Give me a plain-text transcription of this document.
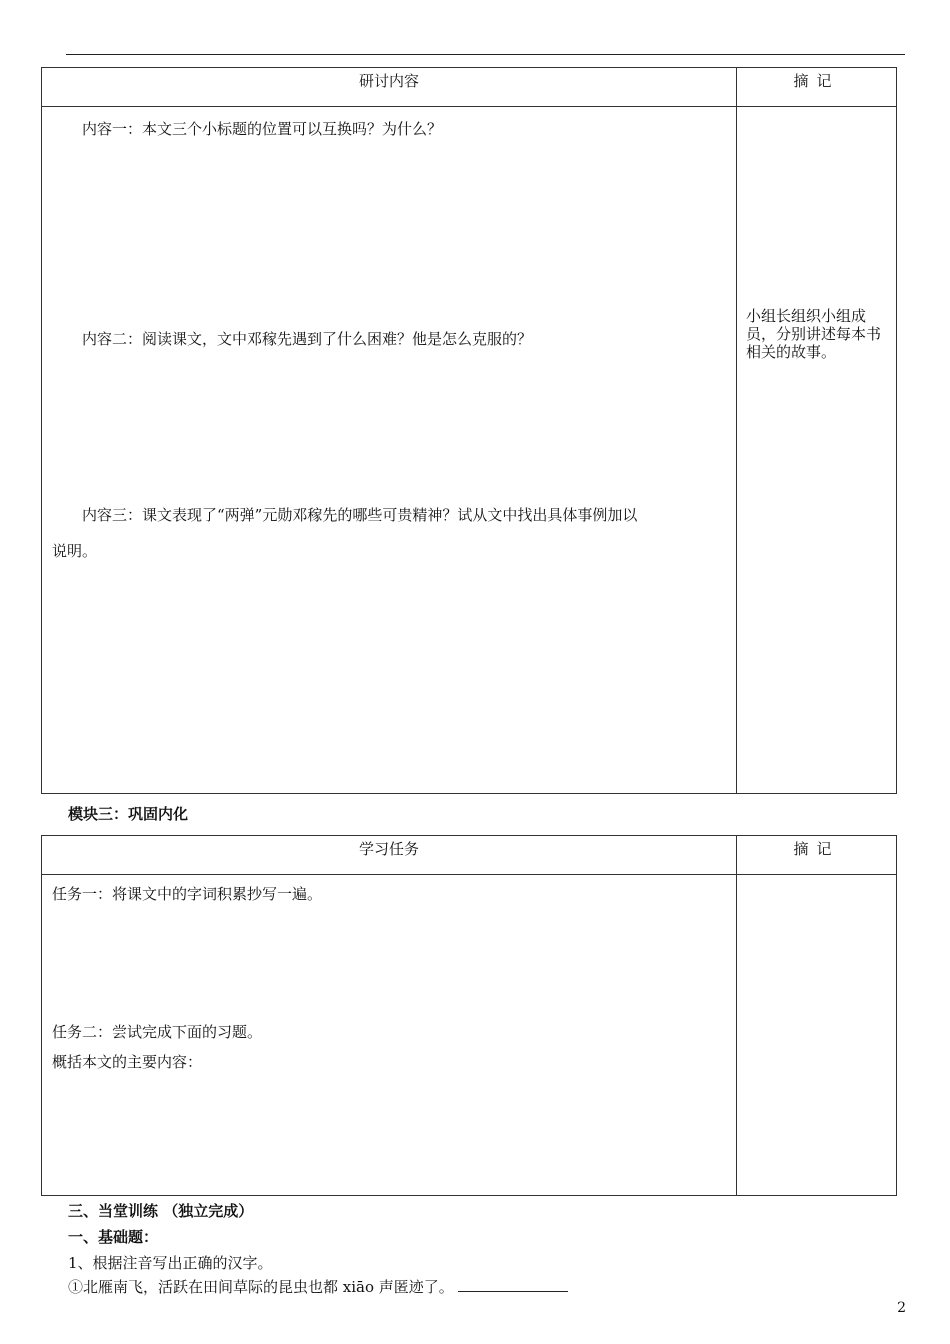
研讨内容	摘记

内容一：本文三个小标题的位置可以互换吗？为什么？
内容二：阅读课文，文中邓稼先遇到了什么困难？他是怎么克服的？
内容三：课文表现了“两弹”元勋邓稼先的哪些可贵精神？试从文中找出具体事例加以
说明。	小组长组织小组成员，分别讲述每本书相关的故事。
模块三：巩固内化
学习任务	摘记

任务一：将课文中的字词积累抄写一遍。
任务二：尝试完成下面的习题。
概括本文的主要内容：	

三、当堂训练 （独立完成）
一、基础题：
1、根据注音写出正确的汉字。
①北雁南飞，活跃在田间草际的昆虫也都 xiāo 声匿迹了。
2
